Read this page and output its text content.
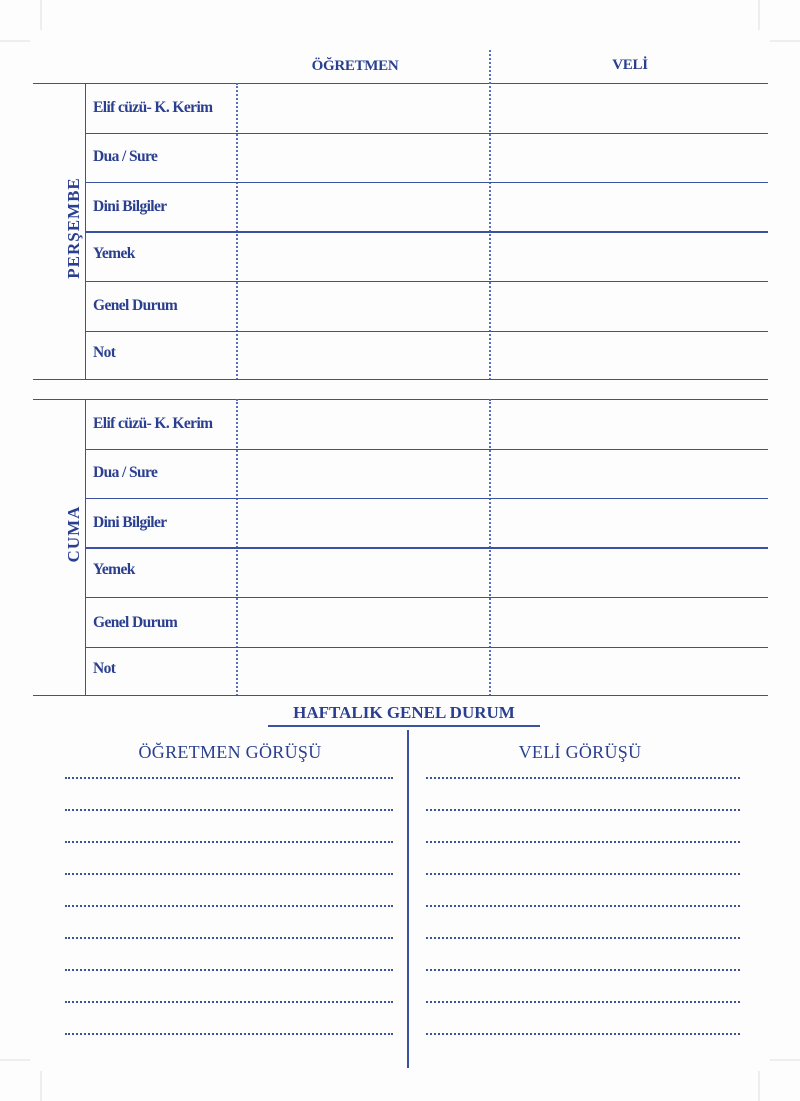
ÖĞRETMEN	VELİ
PERŞEMBE
Elif cüzü- K. Kerim
Dua / Sure
Dini Bilgiler
Yemek
Genel Durum
Not
CUMA
Elif cüzü- K. Kerim
Dua / Sure
Dini Bilgiler
Yemek
Genel Durum
Not
HAFTALIK GENEL DURUM
ÖĞRETMEN GÖRÜŞÜ	VELİ GÖRÜŞÜ
